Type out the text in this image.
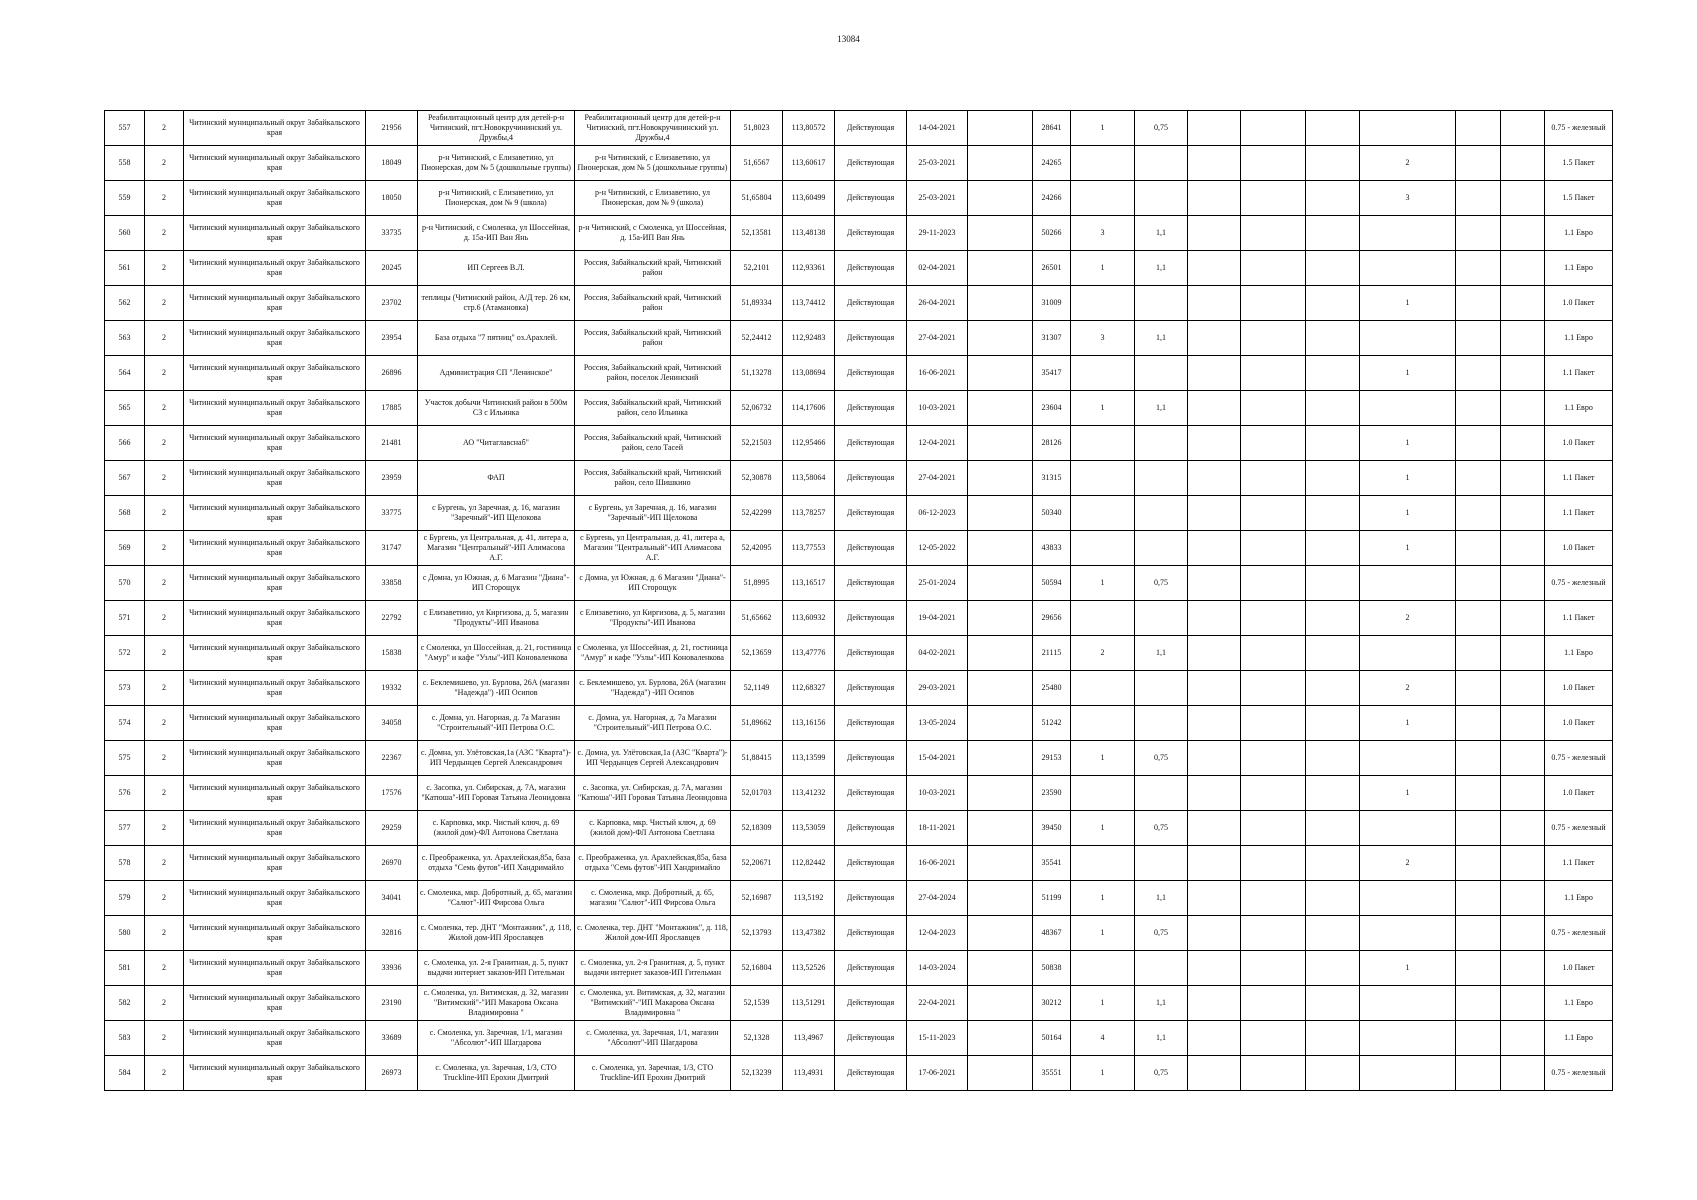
13084
557	2	Читинский муниципальный округ Забайкальского края	21956	Реабилитационный центр для детей-р-н Читинский, пгт.Новокручининский ул. Дружбы,4	Реабилитационный центр для детей-р-н Читинский, пгт.Новокручининский ул. Дружбы,4	51,8023	113,80572	Действующая	14-04-2021		28641	1	0,75							0.75 - железный
558	2	Читинский муниципальный округ Забайкальского края	18049	р-н Читинский, с Елизаветино, ул Пионерская, дом № 5 (дошкольные группы)	р-н Читинский, с Елизаветино, ул Пионерская, дом № 5 (дошкольные группы)	51,6567	113,60617	Действующая	25-03-2021		24265						2			1.5 Пакет
559	2	Читинский муниципальный округ Забайкальского края	18050	р-н Читинский, с Елизаветино, ул Пионерская, дом № 9 (школа)	р-н Читинский, с Елизаветино, ул Пионерская, дом № 9 (школа)	51,65804	113,60499	Действующая	25-03-2021		24266						3			1.5 Пакет
560	2	Читинский муниципальный округ Забайкальского края	33735	р-н Читинский, с Смоленка, ул Шоссейная, д. 15а-ИП Ван Янь	р-н Читинский, с Смоленка, ул Шоссейная, д. 15а-ИП Ван Янь	52,13581	113,48138	Действующая	29-11-2023		50266	3	1,1							1.1 Евро
561	2	Читинский муниципальный округ Забайкальского края	20245	ИП Сергеев В.Л.	Россия, Забайкальский край, Читинский район	52,2101	112,93361	Действующая	02-04-2021		26501	1	1,1							1.1 Евро
562	2	Читинский муниципальный округ Забайкальского края	23702	теплицы (Читинский район, А/Д тер. 26 км, стр.6 (Атамановка)	Россия, Забайкальский край, Читинский район	51,89334	113,74412	Действующая	26-04-2021		31009						1			1.0 Пакет
563	2	Читинский муниципальный округ Забайкальского края	23954	База отдыха "7 пятниц" оз.Арахлей.	Россия, Забайкальский край, Читинский район	52,24412	112,92483	Действующая	27-04-2021		31307	3	1,1							1.1 Евро
564	2	Читинский муниципальный округ Забайкальского края	26896	Администрация СП "Ленинское"	Россия, Забайкальский край, Читинский район, поселок Ленинский	51,13278	113,08694	Действующая	16-06-2021		35417						1			1.1 Пакет
565	2	Читинский муниципальный округ Забайкальского края	17885	Участок добычи Читинский район в 500м СЗ с Ильинка	Россия, Забайкальский край, Читинский район, село Ильинка	52,06732	114,17606	Действующая	10-03-2021		23604	1	1,1							1.1 Евро
566	2	Читинский муниципальный округ Забайкальского края	21481	АО "Читаглавснаб"	Россия, Забайкальский край, Читинский район, село Тасей	52,21503	112,95466	Действующая	12-04-2021		28126						1			1.0 Пакет
567	2	Читинский муниципальный округ Забайкальского края	23959	ФАП	Россия, Забайкальский край, Читинский район, село Шишкино	52,30878	113,58064	Действующая	27-04-2021		31315						1			1.1 Пакет
568	2	Читинский муниципальный округ Забайкальского края	33775	с Бургень, ул Заречная, д. 16, магазин "Заречный"-ИП Щелокова	с Бургень, ул Заречная, д. 16, магазин "Заречный"-ИП Щелокова	52,42299	113,78257	Действующая	06-12-2023		50340						1			1.1 Пакет
569	2	Читинский муниципальный округ Забайкальского края	31747	с Бургень, ул Центральная, д. 41, литера а, Магазин "Центральный"-ИП Алимасова А.Г.	с Бургень, ул Центральная, д. 41, литера а, Магазин "Центральный"-ИП Алимасова А.Г.	52,42095	113,77553	Действующая	12-05-2022		43833						1			1.0 Пакет
570	2	Читинский муниципальный округ Забайкальского края	33858	с Домна, ул Южная, д. 6 Магазин "Диана"-ИП Сторощук	с Домна, ул Южная, д. 6 Магазин "Диана"-ИП Сторощук	51,8995	113,16517	Действующая	25-01-2024		50594	1	0,75							0.75 - железный
571	2	Читинский муниципальный округ Забайкальского края	22792	с Елизаветино, ул Киргизова, д. 5, магазин "Продукты"-ИП Иванова	с Елизаветино, ул Киргизова, д. 5, магазин "Продукты"-ИП Иванова	51,65662	113,60932	Действующая	19-04-2021		29656						2			1.1 Пакет
572	2	Читинский муниципальный округ Забайкальского края	15838	с Смоленка, ул Шоссейная, д. 21, гостиница "Амур" и кафе "Узлы"-ИП Коноваленкова	с Смоленка, ул Шоссейная, д. 21, гостиница "Амур" и кафе "Узлы"-ИП Коноваленкова	52,13659	113,47776	Действующая	04-02-2021		21115	2	1,1							1.1 Евро
573	2	Читинский муниципальный округ Забайкальского края	19332	с. Беклемишево, ул. Бурлова, 26А (магазин "Надежда") -ИП Осипов	с. Беклемишево, ул. Бурлова, 26А (магазин "Надежда") -ИП Осипов	52,1149	112,68327	Действующая	29-03-2021		25480						2			1.0 Пакет
574	2	Читинский муниципальный округ Забайкальского края	34058	с. Домна, ул. Нагорная, д. 7а Магазин "Строительный"-ИП Петрова О.С.	с. Домна, ул. Нагорная, д. 7а Магазин "Строительный"-ИП Петрова О.С.	51,89662	113,16156	Действующая	13-05-2024		51242						1			1.0 Пакет
575	2	Читинский муниципальный округ Забайкальского края	22367	с. Домна, ул. Улётовская,1а (АЗС "Кварта")-ИП Чердынцев Сергей Александрович	с. Домна, ул. Улётовская,1а (АЗС "Кварта")-ИП Чердынцев Сергей Александрович	51,88415	113,13599	Действующая	15-04-2021		29153	1	0,75							0.75 - железный
576	2	Читинский муниципальный округ Забайкальского края	17576	с. Засопка, ул. Сибирская, д. 7А, магазин "Катюша"-ИП Горовая Татьяна Леонидовна	с. Засопка, ул. Сибирская, д. 7А, магазин "Катюша"-ИП Горовая Татьяна Леонидовна	52,01703	113,41232	Действующая	10-03-2021		23590						1			1.0 Пакет
577	2	Читинский муниципальный округ Забайкальского края	29259	с. Карповка, мкр. Чистый ключ, д. 69 (жилой дом)-ФЛ Антонова Светлана	с. Карповка, мкр. Чистый ключ, д. 69 (жилой дом)-ФЛ Антонова Светлана	52,18309	113,53059	Действующая	18-11-2021		39450	1	0,75							0.75 - железный
578	2	Читинский муниципальный округ Забайкальского края	26970	с. Преображенка, ул. Арахлейская,85а, база отдыха "Семь футов"-ИП Хандримайло	с. Преображенка, ул. Арахлейская,85а, база отдыха "Семь футов"-ИП Хандримайло	52,20671	112,82442	Действующая	16-06-2021		35541						2			1.1 Пакет
579	2	Читинский муниципальный округ Забайкальского края	34041	с. Смоленка, мкр. Добротный, д. 65, магазин "Салют"-ИП Фирсова Ольга	с. Смоленка, мкр. Добротный, д. 65, магазин "Салют"-ИП Фирсова Ольга	52,16987	113,5192	Действующая	27-04-2024		51199	1	1,1							1.1 Евро
580	2	Читинский муниципальный округ Забайкальского края	32816	с. Смоленка, тер. ДНТ "Монтажник", д. 118, Жилой дом-ИП Ярославцев	с. Смоленка, тер. ДНТ "Монтажник", д. 118, Жилой дом-ИП Ярославцев	52,13793	113,47382	Действующая	12-04-2023		48367	1	0,75							0.75 - железный
581	2	Читинский муниципальный округ Забайкальского края	33936	с. Смоленка, ул. 2-я Гранитная, д. 5, пункт выдачи интернет заказов-ИП Гительман	с. Смоленка, ул. 2-я Гранитная, д. 5, пункт выдачи интернет заказов-ИП Гительман	52,16804	113,52526	Действующая	14-03-2024		50838						1			1.0 Пакет
582	2	Читинский муниципальный округ Забайкальского края	23190	с. Смоленка, ул. Витимская, д. 32, магазин "Витимский"-"ИП Макарова Оксана Владимировна "	с. Смоленка, ул. Витимская, д. 32, магазин "Витимский"-"ИП Макарова Оксана Владимировна "	52,1539	113,51291	Действующая	22-04-2021		30212	1	1,1							1.1 Евро
583	2	Читинский муниципальный округ Забайкальского края	33689	с. Смоленка, ул. Заречная, 1/1, магазин "Абсолют"-ИП Шагдарова	с. Смоленка, ул. Заречная, 1/1, магазин "Абсолют"-ИП Шагдарова	52,1328	113,4967	Действующая	15-11-2023		50164	4	1,1							1.1 Евро
584	2	Читинский муниципальный округ Забайкальского края	26973	с. Смоленка, ул. Заречная, 1/3, СТО Truckline-ИП Ерохин Дмитрий	с. Смоленка, ул. Заречная, 1/3, СТО Truckline-ИП Ерохин Дмитрий	52,13239	113,4931	Действующая	17-06-2021		35551	1	0,75							0.75 - железный
